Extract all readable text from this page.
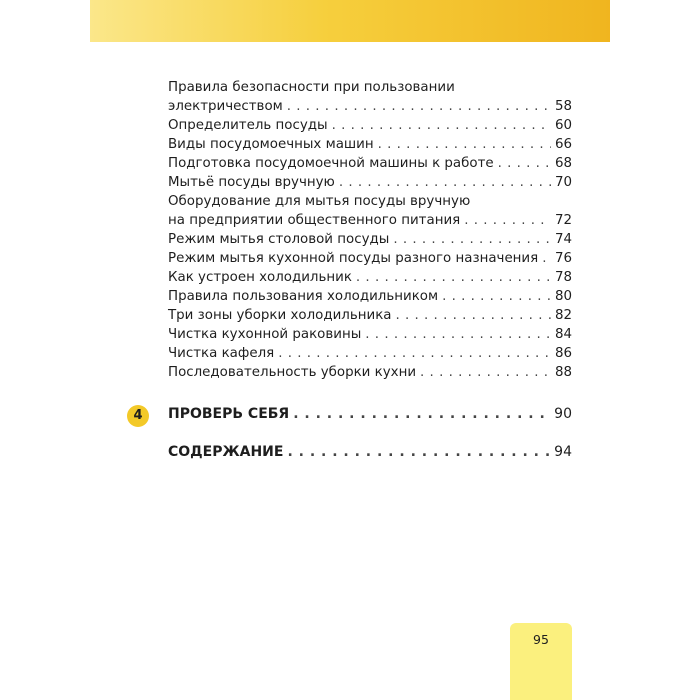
Правила безопасности при пользовании
электричеством . . .	58
Определитель посуды . . .	60
Виды посудомоечных машин . . .	66
Подготовка посудомоечной машины к работе . . .	68
Мытьё посуды вручную . . .	70
Оборудование для мытья посуды вручную
на предприятии общественного питания . . .	72
Режим мытья столовой посуды . . .	74
Режим мытья кухонной посуды разного назначения . . . 76
Как устроен холодильник . . .	78
Правила пользования холодильником . . .	80
Три зоны уборки холодильника . . .	82
Чистка кухонной раковины . . .	84
Чистка кафеля . . .	86
Последовательность уборки кухни . . .	88
4	ПРОВЕРЬ СЕБЯ . . .	90
СОДЕРЖАНИЕ . . .	94
95
